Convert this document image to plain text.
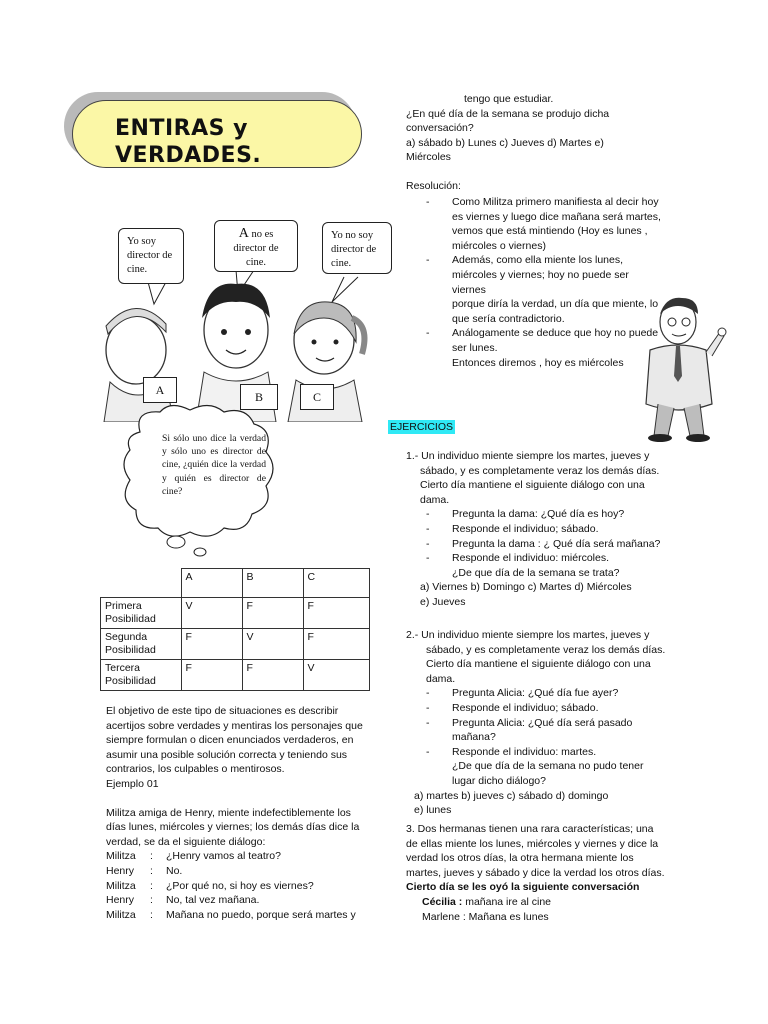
ENTIRAS y
VERDADES.
Yo soy director de cine.
A no es director de cine.
Yo no soy director de cine.
A	B	C
Si sólo uno dice la verdad y sólo uno es director de cine, ¿quién dice la verdad y quién es director de cine?
	A	B	C

Primera
Posibilidad	V	F	F

Segunda
Posibilidad	F	V	F

Tercera
Posibilidad	F	F	V
El objetivo de este tipo de situaciones es describir
acertijos sobre verdades y mentiras los personajes que
siempre formulan o dicen enunciados verdaderos, en
asumir una posible solución correcta y teniendo sus
contrarios, los culpables o mentirosos.
Ejemplo 01
Militza amiga de Henry, miente indefectiblemente los
días lunes, miércoles y viernes; los demás días dice la
verdad, se da el siguiente diálogo:
Militza	:	¿Henry vamos al teatro?
Henry	:	No.
Militza	:	¿Por qué no, si hoy es viernes?
Henry	:	No, tal vez mañana.
Militza	:	Mañana no puedo, porque será martes y
tengo que estudiar.
¿En qué día de la semana se produjo dicha
conversación?
a) sábado b) Lunes c) Jueves d) Martes e)
Miércoles
Resolución:
- Como Militza primero manifiesta al decir hoy
es viernes y luego dice mañana será martes,
vemos que está mintiendo (Hoy es lunes ,
miércoles o viernes)
- Además, como ella miente los lunes,
miércoles y viernes; hoy no puede ser viernes
porque diría la verdad, un día que miente, lo
que sería contradictorio.
- Análogamente se deduce que hoy no puede
ser lunes.
Entonces diremos , hoy es miércoles
EJERCICIOS
1.- Un individuo miente siempre los martes, jueves y
sábado, y es completamente veraz los demás días.
Cierto día mantiene el siguiente diálogo con una
dama.
- Pregunta la dama: ¿Qué día es hoy?
- Responde el individuo; sábado.
- Pregunta la dama : ¿ Qué día será mañana?
- Responde el individuo: miércoles.
¿De que día de la semana se trata?
a) Viernes b) Domingo c) Martes d) Miércoles
e) Jueves
2.- Un individuo miente siempre los martes, jueves y
sábado, y es completamente veraz los demás días.
Cierto día mantiene el siguiente diálogo con una
dama.
- Pregunta Alicia: ¿Qué día fue ayer?
- Responde el individuo; sábado.
- Pregunta Alicia: ¿Qué día será pasado
mañana?
- Responde el individuo: martes.
¿De que día de la semana no pudo tener
lugar dicho diálogo?
a) martes b) jueves c) sábado d) domingo
e) lunes
3. Dos hermanas tienen una rara características; una
de ellas miente los lunes, miércoles y viernes y dice la
verdad los otros días, la otra hermana miente los
martes, jueves y sábado y dice la verdad los otros días.
Cierto día se les oyó la siguiente conversación
Cécilia : mañana ire al cine
Marlene : Mañana es lunes
